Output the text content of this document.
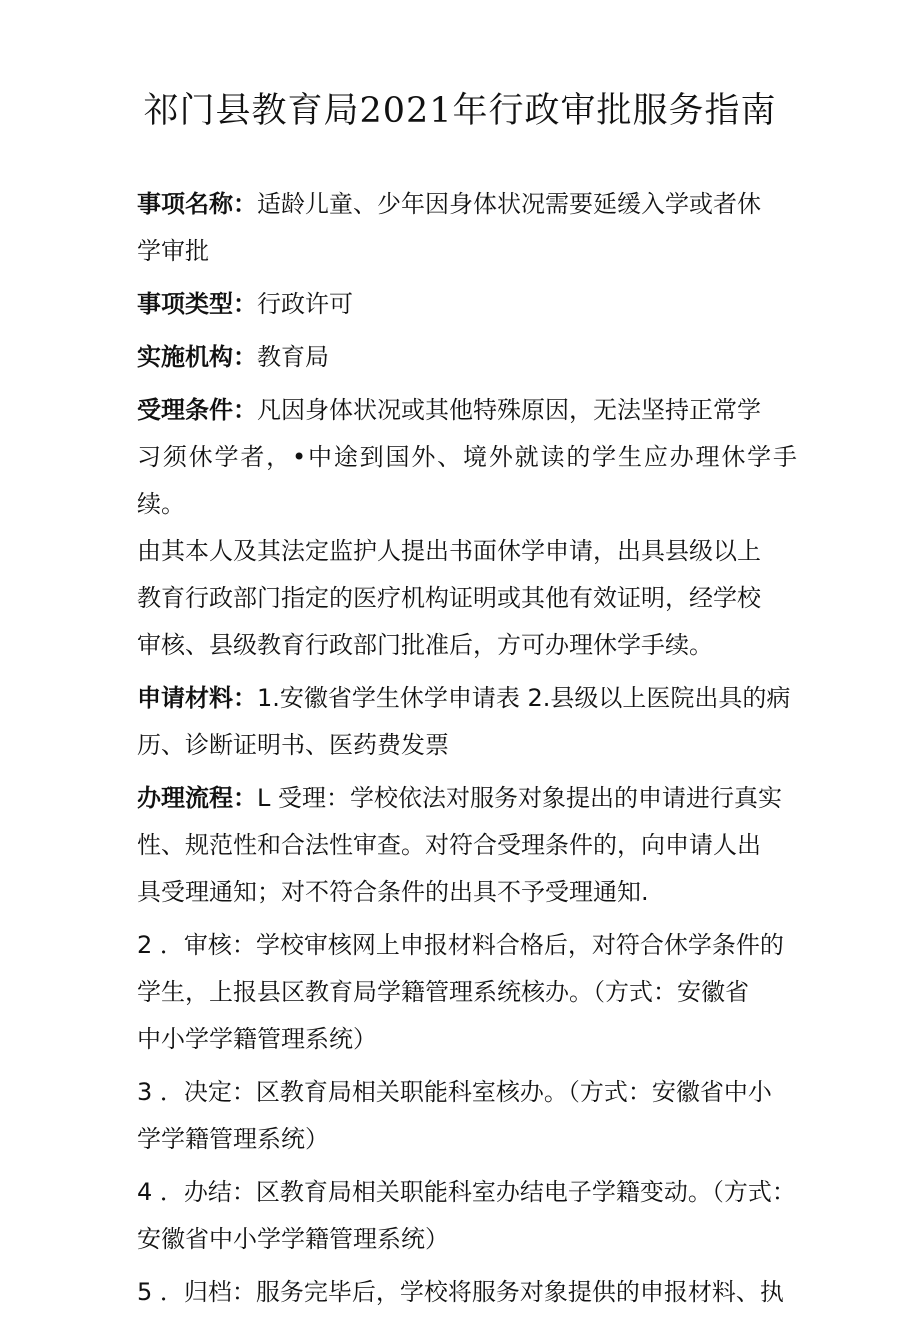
祁门县教育局2021年行政审批服务指南

事项名称：适龄儿童、少年因身体状况需要延缓入学或者休
学审批

事项类型：行政许可

实施机构：教育局

受理条件：凡因身体状况或其他特殊原因，无法坚持正常学
习须休学者，•中途到国外、境外就读的学生应办理休学手续。
由其本人及其法定监护人提出书面休学申请，出具县级以上
教育行政部门指定的医疗机构证明或其他有效证明，经学校
审核、县级教育行政部门批准后，方可办理休学手续。

申请材料：1.安徽省学生休学申请表 2.县级以上医院出具的病
历、诊断证明书、医药费发票

办理流程：L 受理：学校依法对服务对象提出的申请进行真实
性、规范性和合法性审查。对符合受理条件的，向申请人出
具受理通知；对不符合条件的出具不予受理通知.

2 ．审核：学校审核网上申报材料合格后，对符合休学条件的
学生，上报县区教育局学籍管理系统核办。（方式：安徽省
中小学学籍管理系统）

3 ．决定：区教育局相关职能科室核办。（方式：安徽省中小
学学籍管理系统）

4 ．办结：区教育局相关职能科室办结电子学籍变动。（方式：
安徽省中小学学籍管理系统）

5 ．归档：服务完毕后，学校将服务对象提供的申报材料、执
